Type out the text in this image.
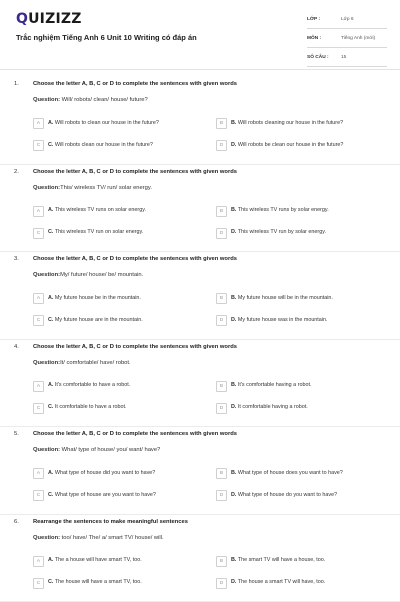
QUIZIZZ
Trắc nghiệm Tiếng Anh 6 Unit 10 Writing có đáp án
LỚP :	Lớp 6
MÔN :	Tiếng Anh (mới)
SỐ CÂU :	15
1. Choose the letter A, B, C or D to complete the sentences with given words
Question: Will/ robots/ clean/ house/ future?
A	A. Will robots to clean our house in the future?	B	B. Will robots cleaning our house in the future?
C	C. Will robots clean our house in the future?	D	D. Will robots be clean our house in the future?
2. Choose the letter A, B, C or D to complete the sentences with given words
Question:This/ wireless TV/ run/ solar energy.
A	A. This wireless TV runs on solar energy.	B	B. This wireless TV runs by solar energy.
C	C. This wireless TV run on solar energy.	D	D. This wireless TV run by solar energy.
3. Choose the letter A, B, C or D to complete the sentences with given words
Question:My/ future/ house/ be/ mountain.
A	A. My future house be in the mountain.	B	B. My future house will be in the mountain.
C	C. My future house are in the mountain.	D	D. My future house was in the mountain.
4. Choose the letter A, B, C or D to complete the sentences with given words
Question:It/ comfortable/ have/ robot.
A	A. It's comfortable to have a robot.	B	B. It's comfortable having a robot.
C	C. It comfortable to have a robot.	D	D. It comfortable having a robot.
5. Choose the letter A, B, C or D to complete the sentences with given words
Question: What/ type of house/ you/ want/ have?
A	A. What type of house did you want to have?	B	B. What type of house does you want to have?
C	C. What type of house are you want to have?	D	D. What type of house do you want to have?
6. Rearrange the sentences to make meaningful sentences
Question: too/ have/ The/ a/ smart TV/ house/ will.
A	A. The a house will have smart TV, too.	B	B. The smart TV will have a house, too.
C	C. The house will have a smart TV, too.	D	D. The house a smart TV will have, too.
